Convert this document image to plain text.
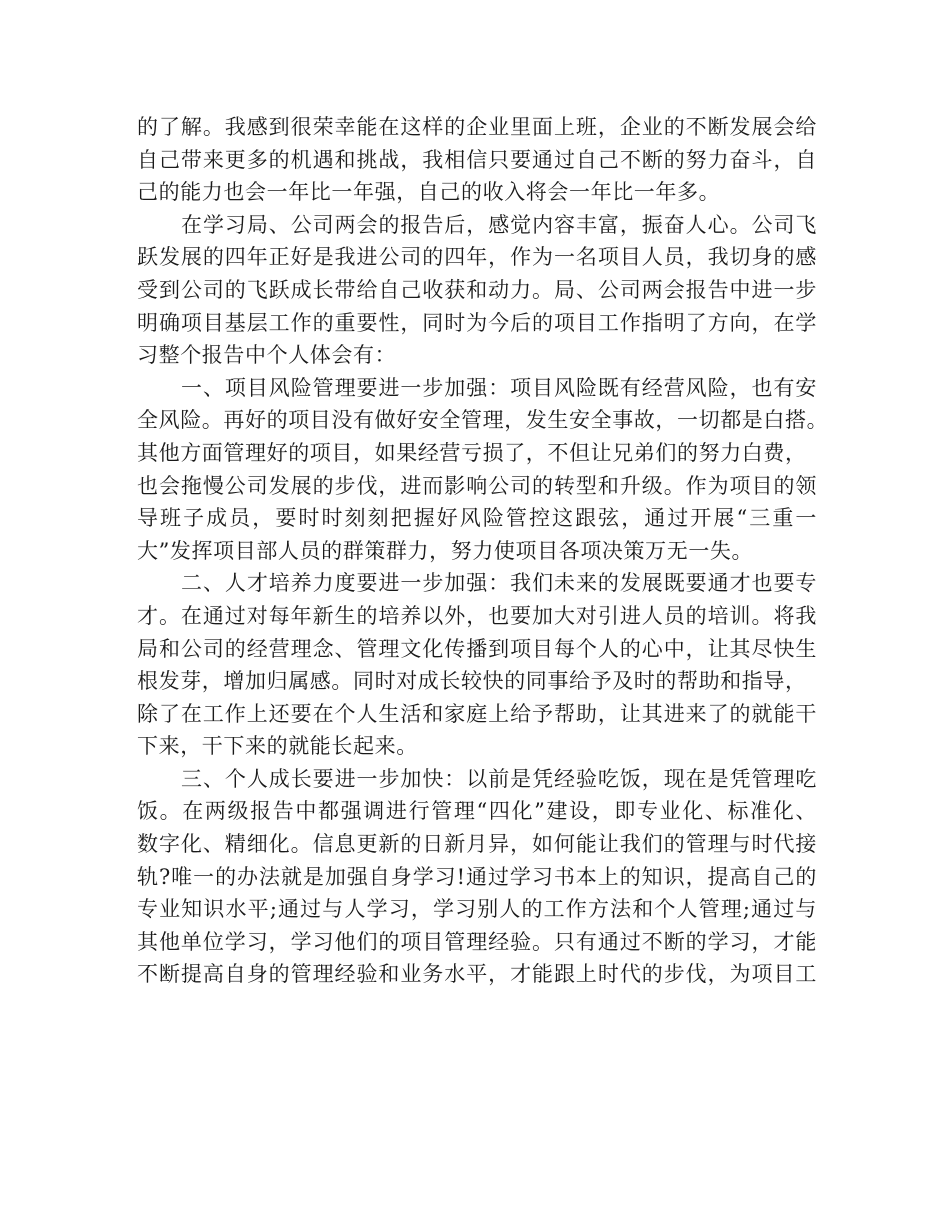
的了解。我感到很荣幸能在这样的企业里面上班，企业的不断发展会给
自己带来更多的机遇和挑战，我相信只要通过自己不断的努力奋斗，自
己的能力也会一年比一年强，自己的收入将会一年比一年多。
在学习局、公司两会的报告后，感觉内容丰富，振奋人心。公司飞
跃发展的四年正好是我进公司的四年，作为一名项目人员，我切身的感
受到公司的飞跃成长带给自己收获和动力。局、公司两会报告中进一步
明确项目基层工作的重要性，同时为今后的项目工作指明了方向，在学
习整个报告中个人体会有：
一、项目风险管理要进一步加强：项目风险既有经营风险，也有安
全风险。再好的项目没有做好安全管理，发生安全事故，一切都是白搭。
其他方面管理好的项目，如果经营亏损了，不但让兄弟们的努力白费，
也会拖慢公司发展的步伐，进而影响公司的转型和升级。作为项目的领
导班子成员，要时时刻刻把握好风险管控这跟弦，通过开展“三重一
大”发挥项目部人员的群策群力，努力使项目各项决策万无一失。
二、人才培养力度要进一步加强：我们未来的发展既要通才也要专
才。在通过对每年新生的培养以外，也要加大对引进人员的培训。将我
局和公司的经营理念、管理文化传播到项目每个人的心中，让其尽快生
根发芽，增加归属感。同时对成长较快的同事给予及时的帮助和指导，
除了在工作上还要在个人生活和家庭上给予帮助，让其进来了的就能干
下来，干下来的就能长起来。
三、个人成长要进一步加快：以前是凭经验吃饭，现在是凭管理吃
饭。在两级报告中都强调进行管理“四化”建设，即专业化、标准化、
数字化、精细化。信息更新的日新月异，如何能让我们的管理与时代接
轨?唯一的办法就是加强自身学习!通过学习书本上的知识，提高自己的
专业知识水平;通过与人学习，学习别人的工作方法和个人管理;通过与
其他单位学习，学习他们的项目管理经验。只有通过不断的学习，才能
不断提高自身的管理经验和业务水平，才能跟上时代的步伐，为项目工
